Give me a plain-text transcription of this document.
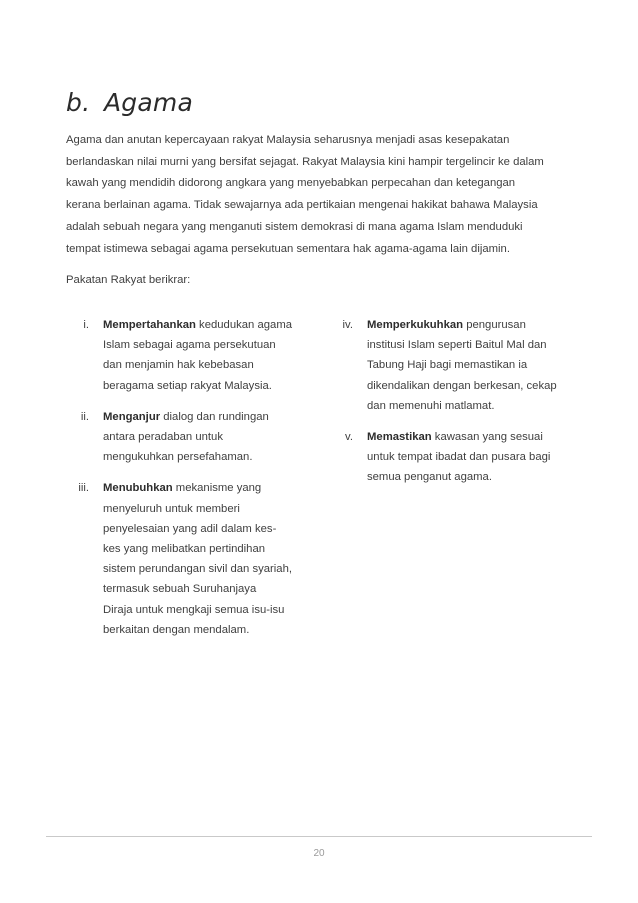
b. Agama
Agama dan anutan kepercayaan rakyat Malaysia seharusnya menjadi asas kesepakatan
berlandaskan nilai murni yang bersifat sejagat. Rakyat Malaysia kini hampir tergelincir ke dalam
kawah yang mendidih didorong angkara yang menyebabkan perpecahan dan ketegangan
kerana berlainan agama. Tidak sewajarnya ada pertikaian mengenai hakikat bahawa Malaysia
adalah sebuah negara yang menganuti sistem demokrasi di mana agama Islam menduduki
tempat istimewa sebagai agama persekutuan sementara hak agama-agama lain dijamin.
Pakatan Rakyat berikrar:
i.	Mempertahankan kedudukan agama
Islam sebagai agama persekutuan
dan menjamin hak kebebasan
beragama setiap rakyat Malaysia.
ii.	Menganjur dialog dan rundingan
antara peradaban untuk
mengukuhkan persefahaman.
iii.	Menubuhkan mekanisme yang
menyeluruh untuk memberi
penyelesaian yang adil dalam kes-
kes yang melibatkan pertindihan
sistem perundangan sivil dan syariah,
termasuk sebuah Suruhanjaya
Diraja untuk mengkaji semua isu-isu
berkaitan dengan mendalam.
iv.	Memperkukuhkan pengurusan
institusi Islam seperti Baitul Mal dan
Tabung Haji bagi memastikan ia
dikendalikan dengan berkesan, cekap
dan memenuhi matlamat.
v.	Memastikan kawasan yang sesuai
untuk tempat ibadat dan pusara bagi
semua penganut agama.
20
